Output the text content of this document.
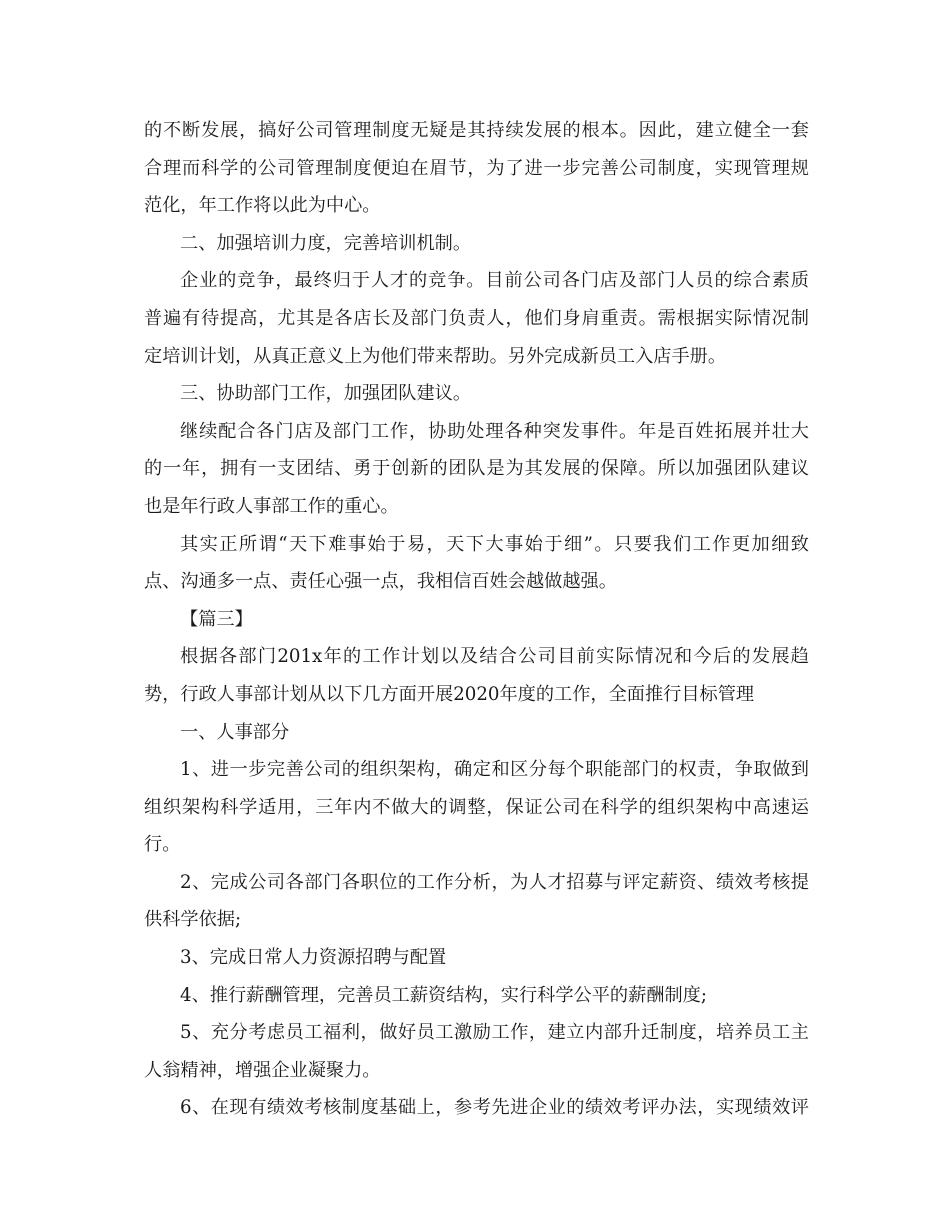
的不断发展，搞好公司管理制度无疑是其持续发展的根本。因此，建立健全一套
合理而科学的公司管理制度便迫在眉节，为了进一步完善公司制度，实现管理规
范化，年工作将以此为中心。
二、加强培训力度，完善培训机制。
企业的竞争，最终归于人才的竞争。目前公司各门店及部门人员的综合素质
普遍有待提高，尤其是各店长及部门负责人，他们身肩重责。需根据实际情况制
定培训计划，从真正意义上为他们带来帮助。另外完成新员工入店手册。
三、协助部门工作，加强团队建议。
继续配合各门店及部门工作，协助处理各种突发事件。年是百姓拓展并壮大
的一年，拥有一支团结、勇于创新的团队是为其发展的保障。所以加强团队建议
也是年行政人事部工作的重心。
其实正所谓“天下难事始于易，天下大事始于细”。只要我们工作更加细致
点、沟通多一点、责任心强一点，我相信百姓会越做越强。
【篇三】
根据各部门201x年的工作计划以及结合公司目前实际情况和今后的发展趋
势，行政人事部计划从以下几方面开展2020年度的工作，全面推行目标管理
一、人事部分
1、进一步完善公司的组织架构，确定和区分每个职能部门的权责，争取做到
组织架构科学适用，三年内不做大的调整，保证公司在科学的组织架构中高速运
行。
2、完成公司各部门各职位的工作分析，为人才招募与评定薪资、绩效考核提
供科学依据;
3、完成日常人力资源招聘与配置
4、推行薪酬管理，完善员工薪资结构，实行科学公平的薪酬制度;
5、充分考虑员工福利，做好员工激励工作，建立内部升迁制度，培养员工主
人翁精神，增强企业凝聚力。
6、在现有绩效考核制度基础上，参考先进企业的绩效考评办法，实现绩效评
